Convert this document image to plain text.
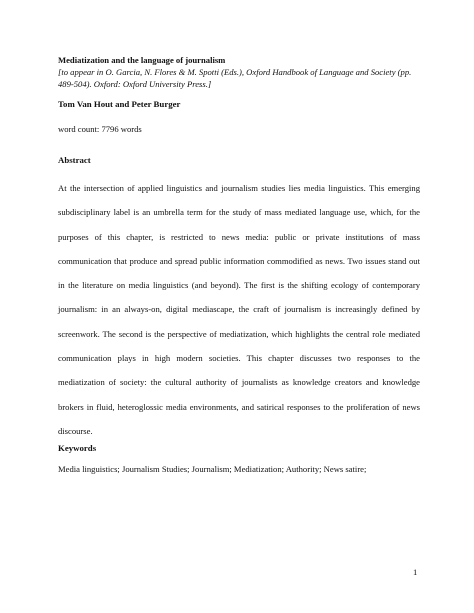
Mediatization and the language of journalism
[to appear in O. Garcia, N. Flores & M. Spotti (Eds.), Oxford Handbook of Language and Society (pp. 489-504). Oxford: Oxford University Press.]
Tom Van Hout and Peter Burger
word count: 7796 words
Abstract

At the intersection of applied linguistics and journalism studies lies media linguistics. This emerging subdisciplinary label is an umbrella term for the study of mass mediated language use, which, for the purposes of this chapter, is restricted to news media: public or private institutions of mass communication that produce and spread public information commodified as news. Two issues stand out in the literature on media linguistics (and beyond). The first is the shifting ecology of contemporary journalism: in an always-on, digital mediascape, the craft of journalism is increasingly defined by screenwork. The second is the perspective of mediatization, which highlights the central role mediated communication plays in high modern societies. This chapter discusses two responses to the mediatization of society: the cultural authority of journalists as knowledge creators and knowledge brokers in fluid, heteroglossic media environments, and satirical responses to the proliferation of news discourse.

Keywords
Media linguistics; Journalism Studies; Journalism; Mediatization; Authority; News satire;
1
